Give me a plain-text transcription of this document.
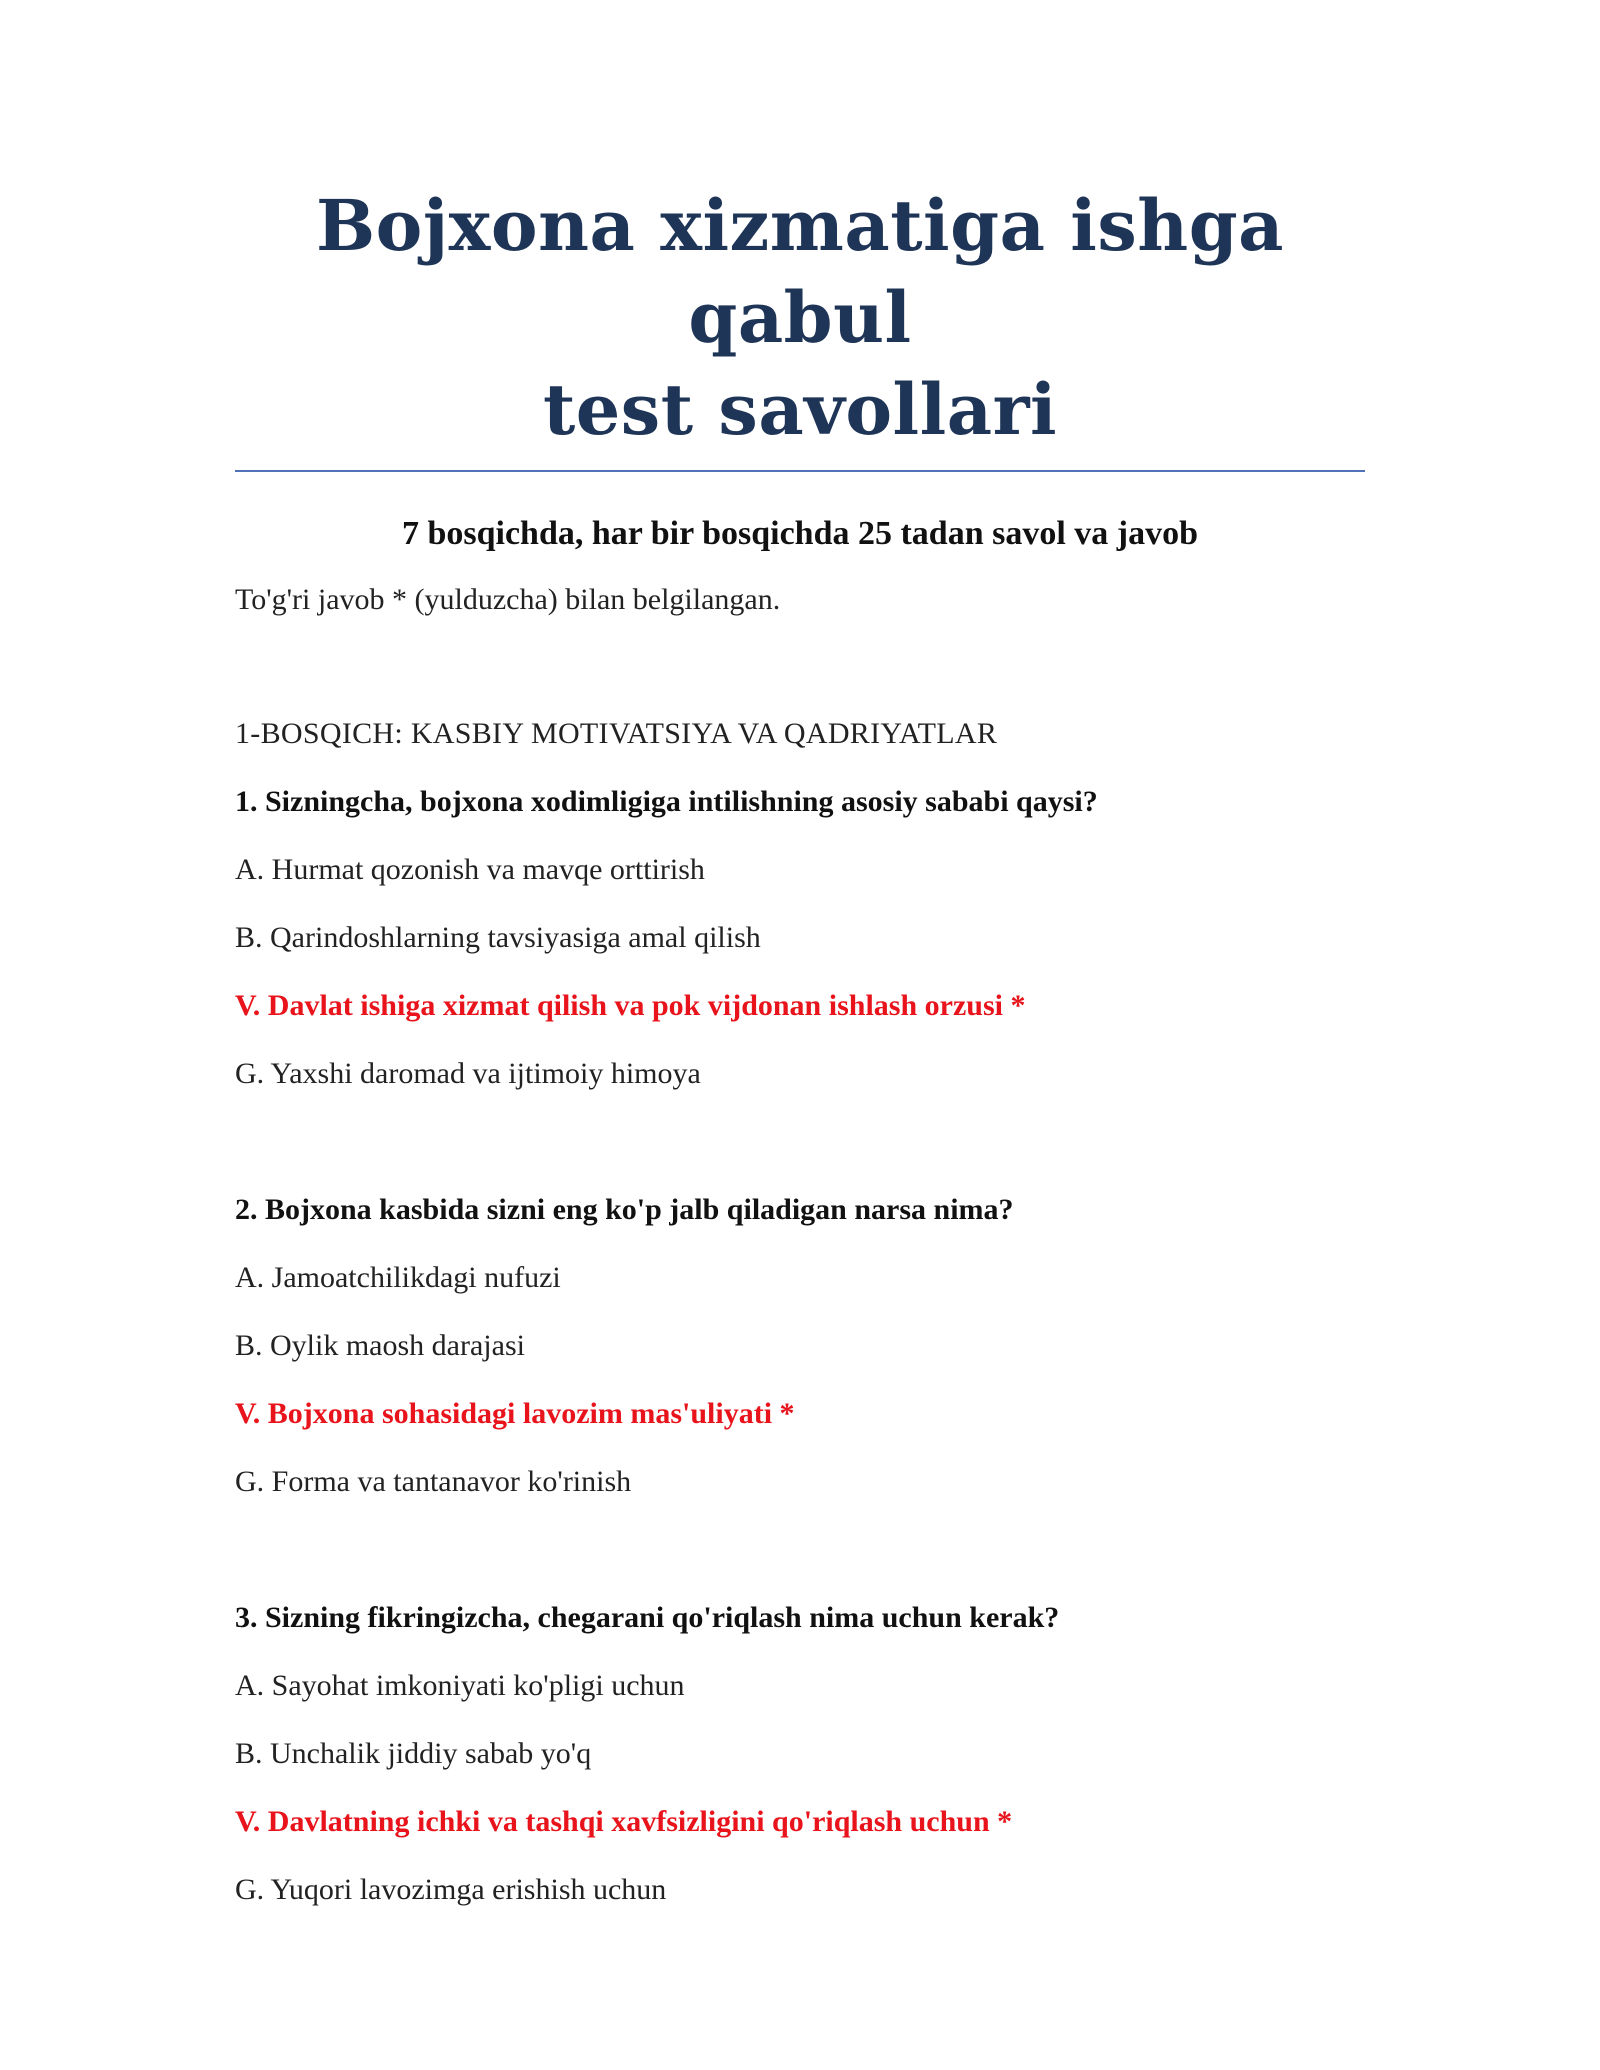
Bojxona xizmatiga ishga qabul
test savollari

7 bosqichda, har bir bosqichda 25 tadan savol va javob

To'g'ri javob * (yulduzcha) bilan belgilangan.

1-BOSQICH: KASBIY MOTIVATSIYA VA QADRIYATLAR

1. Sizningcha, bojxona xodimligiga intilishning asosiy sababi qaysi?

A. Hurmat qozonish va mavqe orttirish

B. Qarindoshlarning tavsiyasiga amal qilish

V. Davlat ishiga xizmat qilish va pok vijdonan ishlash orzusi *

G. Yaxshi daromad va ijtimoiy himoya

2. Bojxona kasbida sizni eng ko'p jalb qiladigan narsa nima?

A. Jamoatchilikdagi nufuzi

B. Oylik maosh darajasi

V. Bojxona sohasidagi lavozim mas'uliyati *

G. Forma va tantanavor ko'rinish

3. Sizning fikringizcha, chegarani qo'riqlash nima uchun kerak?

A. Sayohat imkoniyati ko'pligi uchun

B. Unchalik jiddiy sabab yo'q

V. Davlatning ichki va tashqi xavfsizligini qo'riqlash uchun *

G. Yuqori lavozimga erishish uchun
